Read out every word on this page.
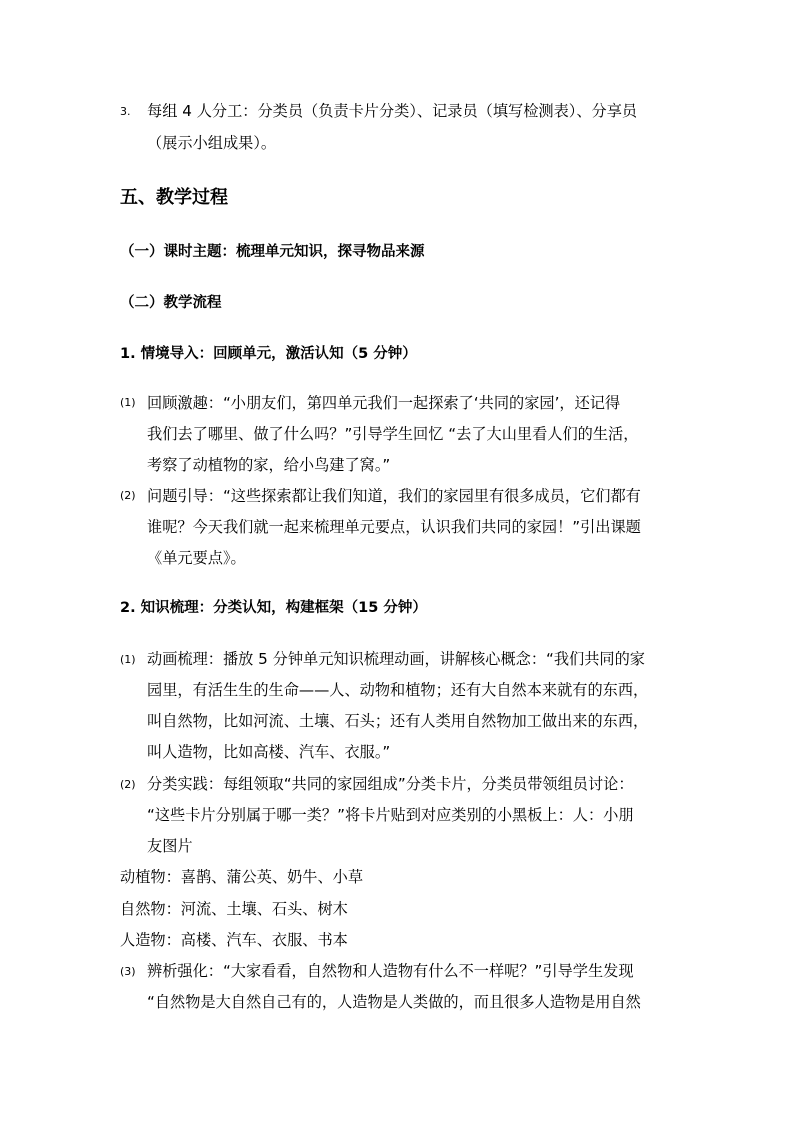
3. 每组 4 人分工：分类员（负责卡片分类）、记录员（填写检测表）、分享员
（展示小组成果）。
五、教学过程
（一）课时主题：梳理单元知识，探寻物品来源
（二）教学流程
1. 情境导入：回顾单元，激活认知（5 分钟）
(1) 回顾激趣：“小朋友们，第四单元我们一起探索了‘共同的家园’，还记得
我们去了哪里、做了什么吗？”引导学生回忆 “去了大山里看人们的生活，
考察了动植物的家，给小鸟建了窝。”
(2) 问题引导：“这些探索都让我们知道，我们的家园里有很多成员，它们都有
谁呢？今天我们就一起来梳理单元要点，认识我们共同的家园！”引出课题
《单元要点》。
2. 知识梳理：分类认知，构建框架（15 分钟）
(1) 动画梳理：播放 5 分钟单元知识梳理动画，讲解核心概念：“我们共同的家
园里，有活生生的生命——人、动物和植物；还有大自然本来就有的东西，
叫自然物，比如河流、土壤、石头；还有人类用自然物加工做出来的东西，
叫人造物，比如高楼、汽车、衣服。”
(2) 分类实践：每组领取“共同的家园组成”分类卡片，分类员带领组员讨论：
“这些卡片分别属于哪一类？”将卡片贴到对应类别的小黑板上：人：小朋
友图片
动植物：喜鹊、蒲公英、奶牛、小草
自然物：河流、土壤、石头、树木
人造物：高楼、汽车、衣服、书本
(3) 辨析强化：“大家看看，自然物和人造物有什么不一样呢？”引导学生发现
“自然物是大自然自己有的，人造物是人类做的，而且很多人造物是用自然
